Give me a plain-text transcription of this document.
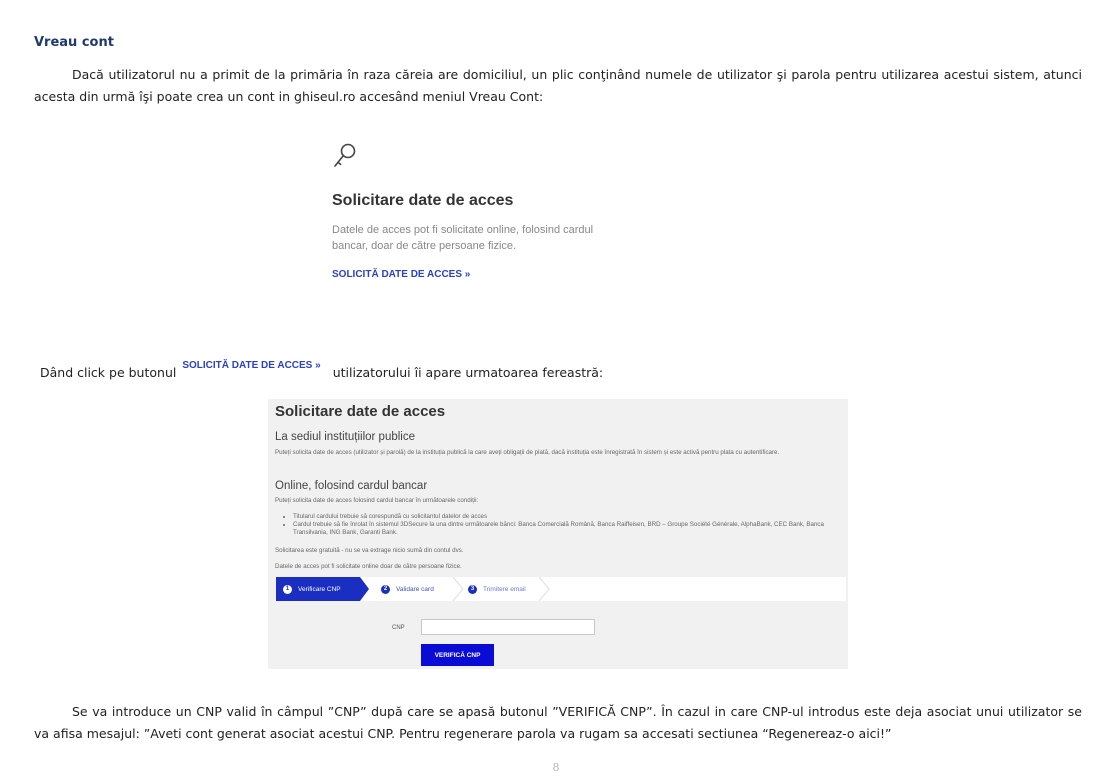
Vreau cont
Dacă utilizatorul nu a primit de la primăria în raza căreia are domiciliul, un plic conţinând numele de utilizator şi parola pentru utilizarea acestui sistem, atunci acesta din urmă îşi poate crea un cont in ghiseul.ro accesând meniul Vreau Cont:
Solicitare date de acces
Datele de acces pot fi solicitate online, folosind cardul bancar, doar de către persoane fizice.
SOLICITĂ DATE DE ACCES »
Dând click pe butonul SOLICITĂ DATE DE ACCES » utilizatorului îi apare urmatoarea fereastră:
Solicitare date de acces
La sediul instituțiilor publice
Puteți solicita date de acces (utilizator și parolă) de la instituția publică la care aveți obligații de plată, dacă instituția este înregistrată în sistem și este activă pentru plata cu autentificare.
Online, folosind cardul bancar
Puteți solicita date de acces folosind cardul bancar în următoarele condiții:
• Titularul cardului trebuie să corespundă cu solicitantul datelor de acces
• Cardul trebuie să fie înrolat în sistemul 3DSecure la una dintre următoarele bănci: Banca Comercială Română, Banca Raiffeisen, BRD – Groupe Société Générale, AlphaBank, CEC Bank, Banca Transilvania, ING Bank, Garanti Bank.
Solicitarea este gratuită - nu se va extrage nicio sumă din contul dvs.
Datele de acces pot fi solicitate online doar de către persoane fizice.
1	Verificare CNP	2	Validare card	3	Trimitere email
CNP
VERIFICĂ CNP
Se va introduce un CNP valid în câmpul ”CNP” după care se apasă butonul ”VERIFICĂ CNP”. În cazul in care CNP-ul introdus este deja asociat unui utilizator se va afisa mesajul: ”Aveti cont generat asociat acestui CNP. Pentru regenerare parola va rugam sa accesati sectiunea “Regenereaz-o aici!”
8
